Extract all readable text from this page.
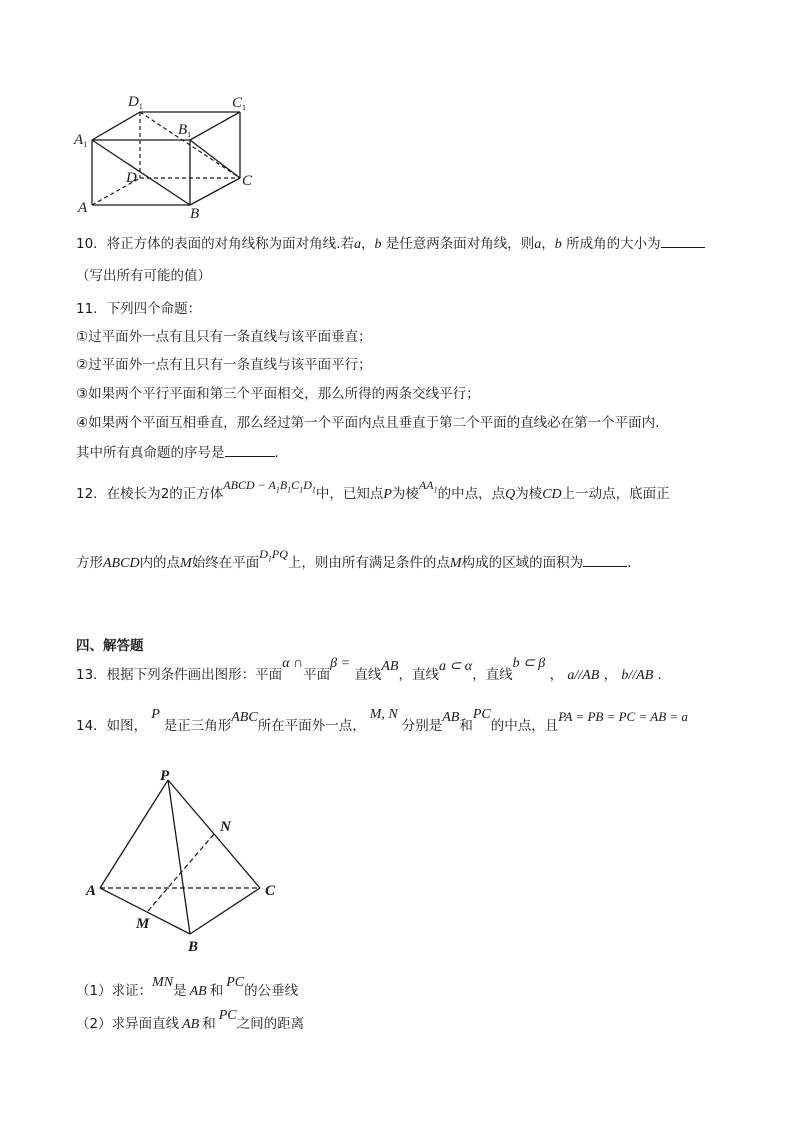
$D_1$	$C_1$
$B_1$
$A_1$
D	C
A	B
10．将正方体的表面的对角线称为面对角线.若a，b 是任意两条面对角线，则a，b 所成角的大小为
（写出所有可能的值）
11．下列四个命题：
①过平面外一点有且只有一条直线与该平面垂直；
②过平面外一点有且只有一条直线与该平面平行；
③如果两个平行平面和第三个平面相交，那么所得的两条交线平行；
④如果两个平面互相垂直，那么经过第一个平面内点且垂直于第二个平面的直线必在第一个平面内.
其中所有真命题的序号是	.
12．在棱长为2的正方体ABCD − $A_1B_1C_1D_1$中，已知点P为棱$AA_1$的中点，点Q为棱CD上一动点，底面正
方形ABCD内的点M始终在平面$D_1PQ$上，则由所有满足条件的点M构成的区域的面积为	.
四、解答题
13．根据下列条件画出图形：平面α ∩平面β = 直线AB，直线a ⊂ α，直线b ⊂ β ， a//AB ， b//AB .
14．如图，P是正三角形ABC所在平面外一点，M, N分别是AB和PC的中点，且PA = PB = PC = AB = a
P
N
A	C
M
B
（1）求证：MN是 AB 和PC的公垂线
（2）求异面直线 AB 和PC之间的距离
